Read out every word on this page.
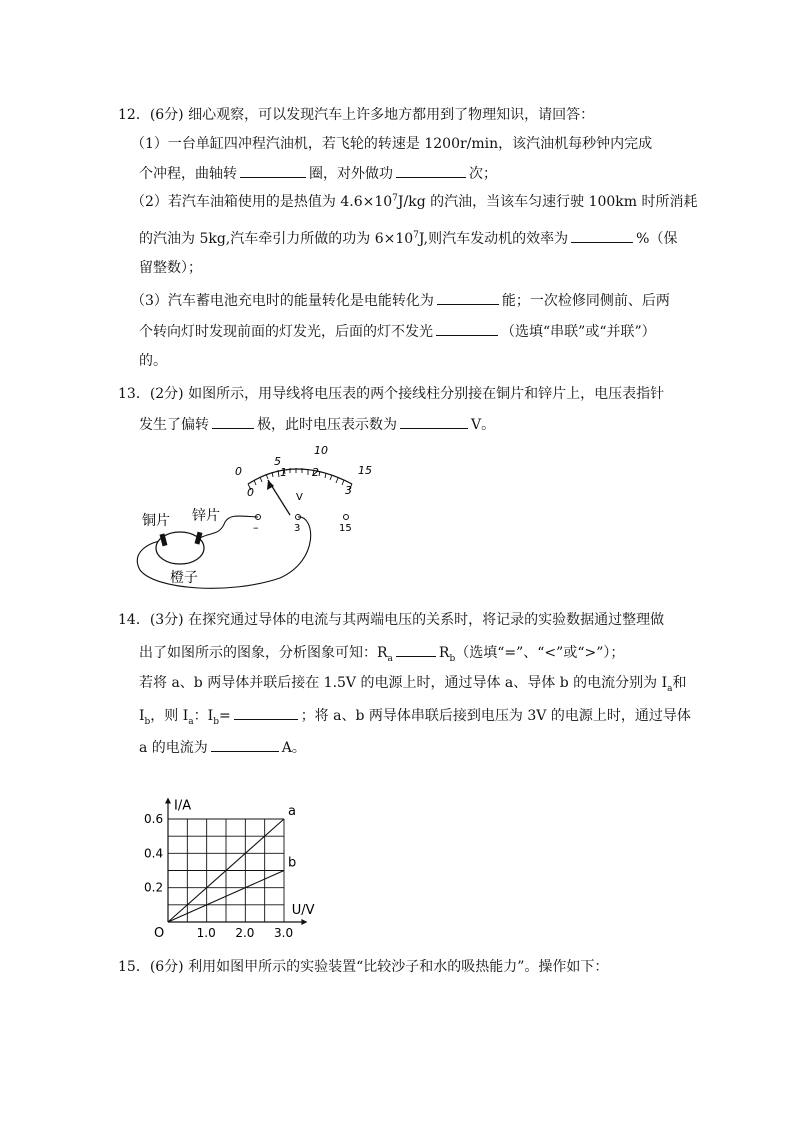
12．(6分) 细心观察，可以发现汽车上许多地方都用到了物理知识，请回答：
（1）一台单缸四冲程汽油机，若飞轮的转速是 1200r/min，该汽油机每秒钟内完成
个冲程，曲轴转	圈，对外做功	次；
（2）若汽车油箱使用的是热值为 $4.6\times 10^7J/kg$ 的汽油，当该车匀速行驶 100km 时所消耗
的汽油为 5kg,汽车牵引力所做的功为 $6\times 10^7J$,则汽车发动机的效率为	%（保
留整数）；
（3）汽车蓄电池充电时的能量转化是电能转化为	能；一次检修同侧前、后两
个转向灯时发现前面的灯发光，后面的灯不发光	（选填“串联”或“并联”）
的。
13．(2分) 如图所示，用导线将电压表的两个接线柱分别接在铜片和锌片上，电压表指针
发生了偏转	极，此时电压表示数为	V。
0
5
10
15
0
1 2
3
V
–	3	15
铜片 锌片
橙子
14．(3分) 在探究通过导体的电流与其两端电压的关系时，将记录的实验数据通过整理做
出了如图所示的图象，分析图象可知：$R_a$	$R_b$（选填“=”、“<”或“>”）；
若将 a、b 两导体并联后接在 1.5V 的电源上时，通过导体 a、导体 b 的电流分别为 $I_a$和
$I_b$，则 $I_a$：$I_b=$	；将 a、b 两导体串联后接到电压为 3V 的电源上时，通过导体
a 的电流为	A。
a
b
1.0 2.0 3.0
0.2
0.4
0.6
I/A
U/V
O
15．(6分) 利用如图甲所示的实验装置“比较沙子和水的吸热能力”。操作如下：
